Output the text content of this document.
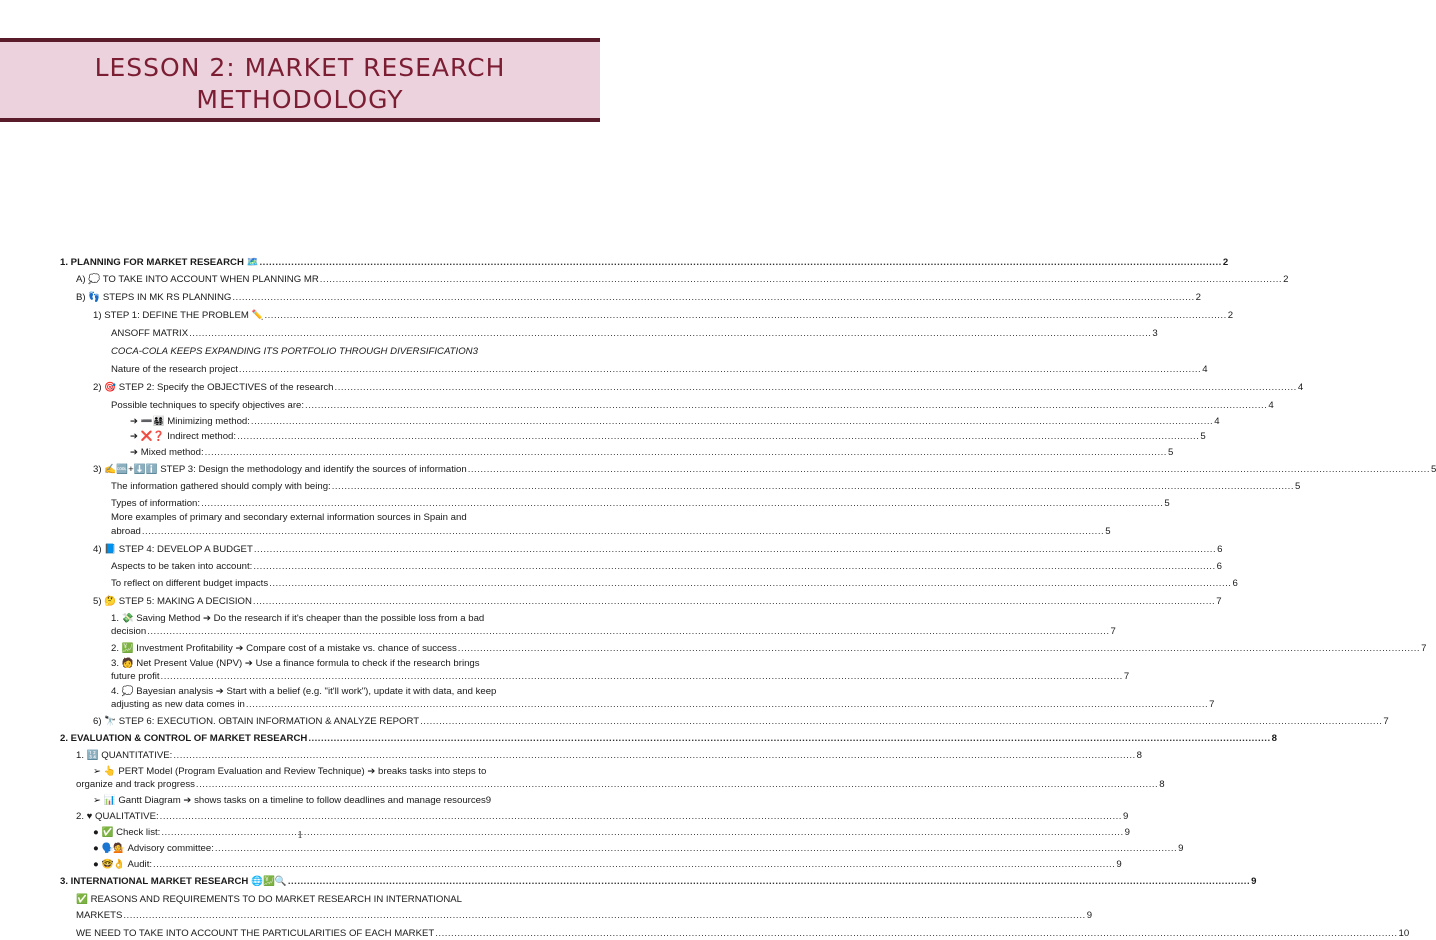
LESSON 2: MARKET RESEARCH
METHODOLOGY
1. PLANNING FOR MARKET RESEARCH 🗺️ .....	2
A) 💭 TO TAKE INTO ACCOUNT WHEN PLANNING MR .....	2
B) 👣 STEPS IN MK RS PLANNING .....	2
1) STEP 1: DEFINE THE PROBLEM ✏️ .....	2
ANSOFF MATRIX .....	3
COCA-COLA KEEPS EXPANDING ITS PORTFOLIO THROUGH DIVERSIFICATION 3
Nature of the research project .....	4
2) 🎯 STEP 2: Specify the OBJECTIVES of the research .....	4
Possible techniques to specify objectives are: .....	4
➔ ➖👨‍👩‍👧‍👦 Minimizing method: .....	4
➔ ❌❓ Indirect method: .....	5
➔ Mixed method: .....	5
3) ✍️🆒+⬇️ℹ️ STEP 3: Design the methodology and identify the sources of information .....	5
The information gathered should comply with being: .....	5
Types of information: .....	5
More examples of primary and secondary external information sources in Spain and
abroad .....	5
4) 📘 STEP 4: DEVELOP A BUDGET .....	6
Aspects to be taken into account: .....	6
To reflect on different budget impacts .....	6
5) 🤔 STEP 5: MAKING A DECISION .....	7
1. 💸 Saving Method ➔ Do the research if it's cheaper than the possible loss from a bad
decision .....	7
2. 💹 Investment Profitability ➔ Compare cost of a mistake vs. chance of success .....	7
3. 🧑 Net Present Value (NPV) ➔ Use a finance formula to check if the research brings
future profit .....	7
4. 💭 Bayesian analysis ➔ Start with a belief (e.g. "it'll work"), update it with data, and keep
adjusting as new data comes in .....	7
6) 🔭 STEP 6: EXECUTION. OBTAIN INFORMATION & ANALYZE REPORT .....	7
2. EVALUATION & CONTROL OF MARKET RESEARCH .....	8
1. 🔢 QUANTITATIVE: .....	8
➢ 👆 PERT Model (Program Evaluation and Review Technique) ➔ breaks tasks into steps to
organize and track progress .....	8
➢ 📊 Gantt Diagram ➔ shows tasks on a timeline to follow deadlines and manage resources 9
2. ♥ QUALITATIVE: .....	9
● ✅ Check list: .....	9
● 🗣️💁 Advisory committee: .....	9
● 🤓👌 Audit: .....	9
3. INTERNATIONAL MARKET RESEARCH 🌐💹🔍 .....	9
✅ REASONS AND REQUIREMENTS TO DO MARKET RESEARCH IN INTERNATIONAL
MARKETS .....	9
WE NEED TO TAKE INTO ACCOUNT THE PARTICULARITIES OF EACH MARKET .....	10
1
